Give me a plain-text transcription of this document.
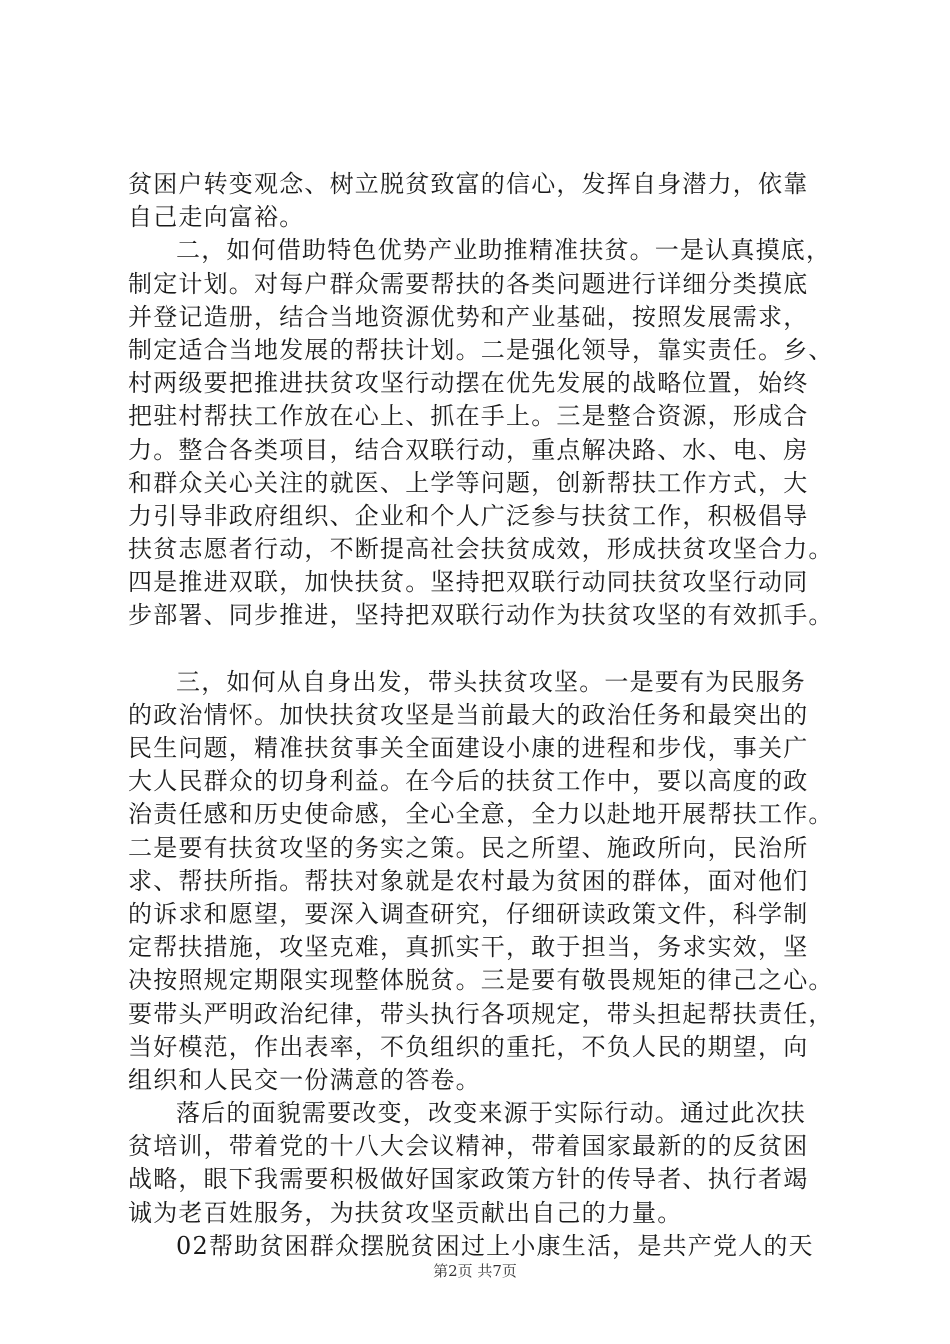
贫困户转变观念、树立脱贫致富的信心，发挥自身潜力，依靠
自己走向富裕。
二，如何借助特色优势产业助推精准扶贫。一是认真摸底，
制定计划。对每户群众需要帮扶的各类问题进行详细分类摸底
并登记造册，结合当地资源优势和产业基础，按照发展需求，
制定适合当地发展的帮扶计划。二是强化领导，靠实责任。乡、
村两级要把推进扶贫攻坚行动摆在优先发展的战略位置，始终
把驻村帮扶工作放在心上、抓在手上。三是整合资源，形成合
力。整合各类项目，结合双联行动，重点解决路、水、电、房
和群众关心关注的就医、上学等问题，创新帮扶工作方式，大
力引导非政府组织、企业和个人广泛参与扶贫工作，积极倡导
扶贫志愿者行动，不断提高社会扶贫成效，形成扶贫攻坚合力。
四是推进双联，加快扶贫。坚持把双联行动同扶贫攻坚行动同
步部署、同步推进，坚持把双联行动作为扶贫攻坚的有效抓手。
三，如何从自身出发，带头扶贫攻坚。一是要有为民服务
的政治情怀。加快扶贫攻坚是当前最大的政治任务和最突出的
民生问题，精准扶贫事关全面建设小康的进程和步伐，事关广
大人民群众的切身利益。在今后的扶贫工作中，要以高度的政
治责任感和历史使命感，全心全意，全力以赴地开展帮扶工作。
二是要有扶贫攻坚的务实之策。民之所望、施政所向，民治所
求、帮扶所指。帮扶对象就是农村最为贫困的群体，面对他们
的诉求和愿望，要深入调查研究，仔细研读政策文件，科学制
定帮扶措施，攻坚克难，真抓实干，敢于担当，务求实效，坚
决按照规定期限实现整体脱贫。三是要有敬畏规矩的律己之心。
要带头严明政治纪律，带头执行各项规定，带头担起帮扶责任，
当好模范，作出表率，不负组织的重托，不负人民的期望，向
组织和人民交一份满意的答卷。
落后的面貌需要改变，改变来源于实际行动。通过此次扶
贫培训，带着党的十八大会议精神，带着国家最新的的反贫困
战略，眼下我需要积极做好国家政策方针的传导者、执行者竭
诚为老百姓服务，为扶贫攻坚贡献出自己的力量。
02帮助贫困群众摆脱贫困过上小康生活，是共产党人的天
第2页 共7页
